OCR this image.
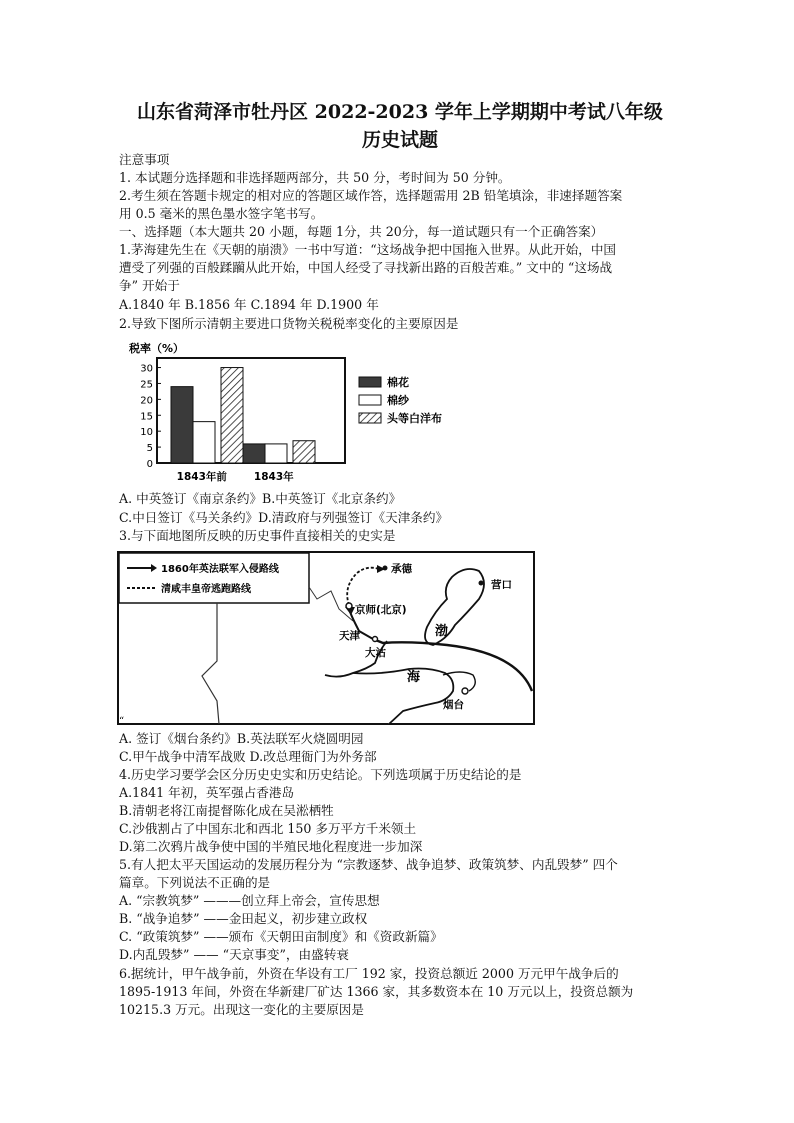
山东省菏泽市牡丹区 2022-2023 学年上学期期中考试八年级
历史试题
注意事项
1. 本试题分选择题和非选择题两部分，共 50 分，考时间为 50 分钟。
2.考生须在答题卡规定的相对应的答题区域作答，选择题需用 2B 铅笔填涂，非速择题答案
用 0.5 毫米的黑色墨水签字笔书写。
一、选择题（本大题共 20 小题，每题 1分，共 20分，每一道试题只有一个正确答案）
1.茅海建先生在《天朝的崩溃》一书中写道：“这场战争把中国拖入世界。从此开始，中国
遭受了列强的百般蹂躏从此开始，中国人经受了寻找新出路的百般苦难。” 文中的 “这场战
争” 开始于
A.1840 年 B.1856 年 C.1894 年 D.1900 年
2.导致下图所示清朝主要进口货物关税税率变化的主要原因是
税率（%）
0
5
10
15
20
25
30
1843年前	1843年
棉花
棉纱
头等白洋布
A. 中英签订《南京条约》B.中英签订《北京条约》
C.中日签订《马关条约》D.清政府与列强签订《天津条约》
3.与下面地图所反映的历史事件直接相关的史实是
1860年英法联军入侵路线
清咸丰皇帝逃跑路线
承德
京师(北京)
天津
大沽
营口
渤
海
烟台
“
A. 签订《烟台条约》B.英法联军火烧圆明园
C.甲午战争中清军战败 D.改总理衙门为外务部
4.历史学习要学会区分历史史实和历史结论。下列选项属于历史结论的是
A.1841 年初，英军强占香港岛
B.清朝老将江南提督陈化成在吴淞栖牲
C.沙俄割占了中国东北和西北 150 多万平方千米领土
D.第二次鸦片战争使中国的半殖民地化程度进一步加深
5.有人把太平天国运动的发展历程分为 “宗教逐梦、战争追梦、政策筑梦、内乱毁梦” 四个
篇章。下列说法不正确的是
A. “宗教筑梦” ———创立拜上帝会，宣传思想
B. “战争追梦” ——金田起义，初步建立政权
C. “政策筑梦” ——颁布《天朝田亩制度》和《资政新篇》
D.内乱毁梦” —— “天京事变”，由盛转衰
6.据统计，甲午战争前，外资在华设有工厂 192 家，投资总额近 2000 万元甲午战争后的
1895-1913 年间，外资在华新建厂矿达 1366 家，其多数资本在 10 万元以上，投资总额为
10215.3 万元。出现这一变化的主要原因是
